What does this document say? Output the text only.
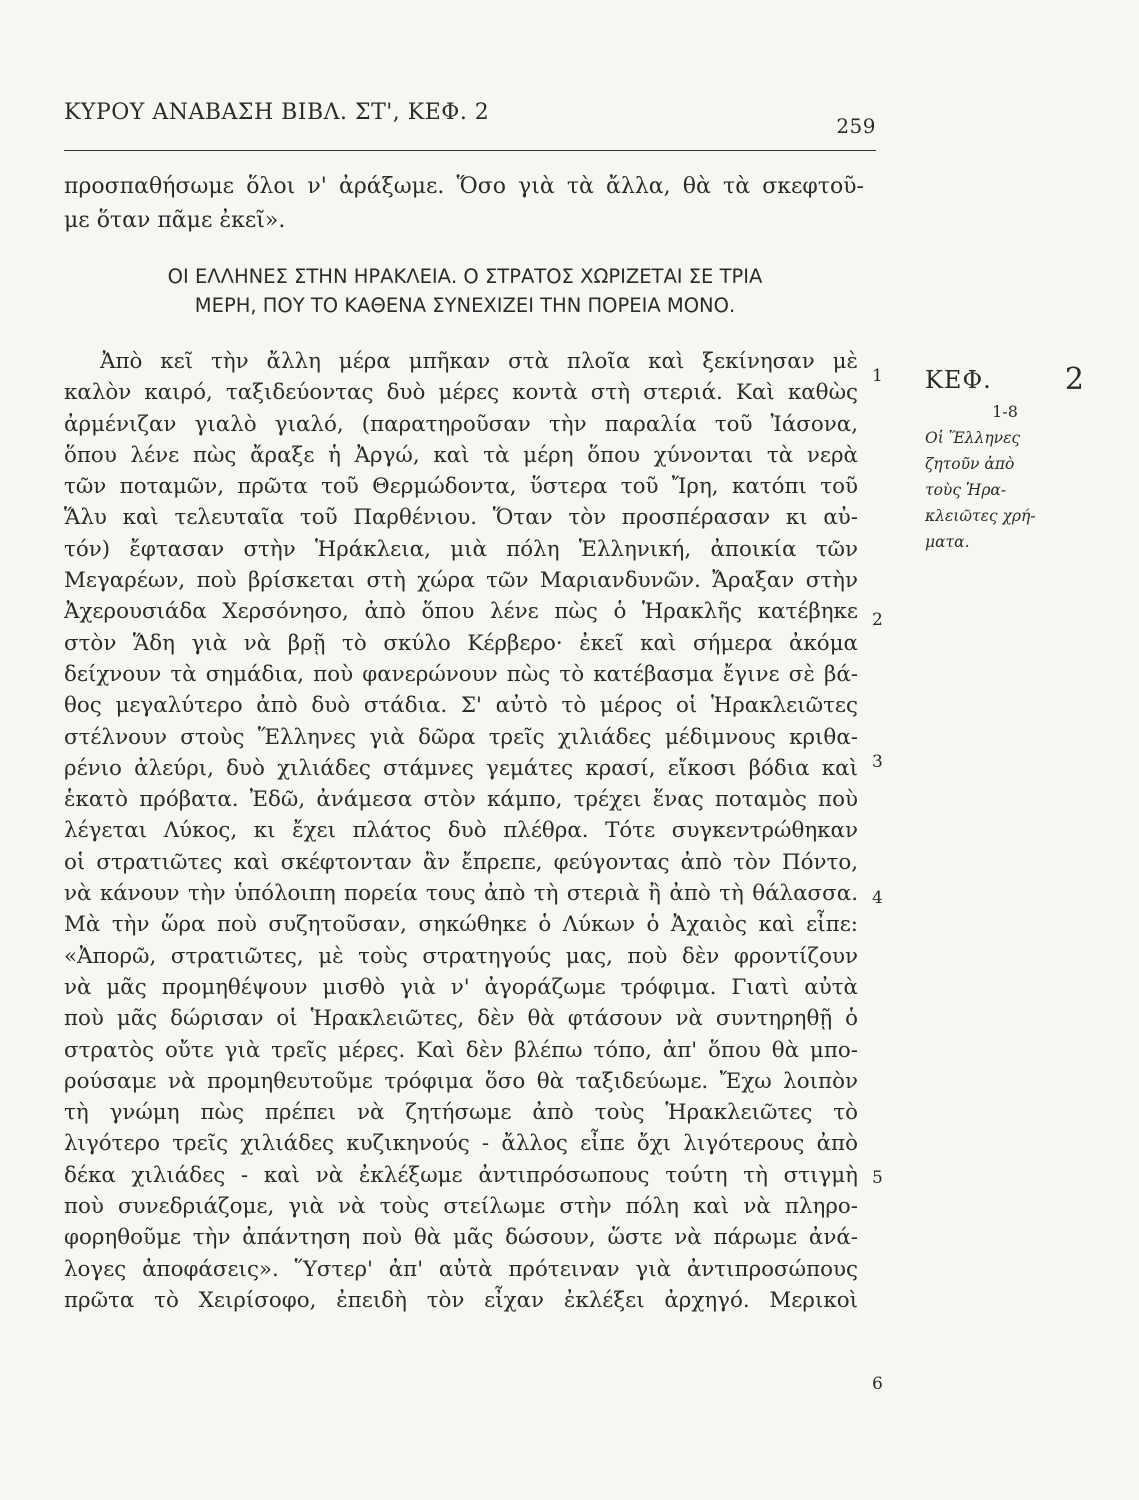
ΚΥΡΟΥ ΑΝΑΒΑΣΗ ΒΙΒΛ. ΣΤ', ΚΕΦ. 2
259
προσπαθήσωμε ὅλοι ν' ἀράξωμε. Ὅσο γιὰ τὰ ἄλλα, θὰ τὰ σκεφτοῦ-
με ὅταν πᾶμε ἐκεῖ».
ΟΙ ΕΛΛΗΝΕΣ ΣΤΗΝ ΗΡΑΚΛΕΙΑ. Ο ΣΤΡΑΤΟΣ ΧΩΡΙΖΕΤΑΙ ΣΕ ΤΡΙΑ
ΜΕΡΗ, ΠΟΥ ΤΟ ΚΑΘΕΝΑ ΣΥΝΕΧΙΖΕΙ ΤΗΝ ΠΟΡΕΙΑ ΜΟΝΟ.
Ἀπὸ κεῖ τὴν ἄλλη μέρα μπῆκαν στὰ πλοῖα καὶ ξεκίνησαν μὲ
καλὸν καιρό, ταξιδεύοντας δυὸ μέρες κοντὰ στὴ στεριά. Καὶ καθὼς
ἀρμένιζαν γιαλὸ γιαλό, (παρατηροῦσαν τὴν παραλία τοῦ Ἰάσονα,
ὅπου λένε πὼς ἄραξε ἡ Ἀργώ, καὶ τὰ μέρη ὅπου χύνονται τὰ νερὰ
τῶν ποταμῶν, πρῶτα τοῦ Θερμώδοντα, ὕστερα τοῦ Ἴρη, κατόπι τοῦ
Ἅλυ καὶ τελευταῖα τοῦ Παρθένιου. Ὅταν τὸν προσπέρασαν κι αὐ-
τόν) ἔφτασαν στὴν Ἡράκλεια, μιὰ πόλη Ἑλληνική, ἀποικία τῶν
Μεγαρέων, ποὺ βρίσκεται στὴ χώρα τῶν Μαριανδυνῶν. Ἄραξαν στὴν
Ἀχερουσιάδα Χερσόνησο, ἀπὸ ὅπου λένε πὼς ὁ Ἡρακλῆς κατέβηκε
στὸν Ἅδη γιὰ νὰ βρῇ τὸ σκύλο Κέρβερο· ἐκεῖ καὶ σήμερα ἀκόμα
δείχνουν τὰ σημάδια, ποὺ φανερώνουν πὼς τὸ κατέβασμα ἔγινε σὲ βά-
θος μεγαλύτερο ἀπὸ δυὸ στάδια. Σ' αὐτὸ τὸ μέρος οἱ Ἡρακλειῶτες
στέλνουν στοὺς Ἕλληνες γιὰ δῶρα τρεῖς χιλιάδες μέδιμνους κριθα-
ρένιο ἀλεύρι, δυὸ χιλιάδες στάμνες γεμάτες κρασί, εἴκοσι βόδια καὶ
ἑκατὸ πρόβατα. Ἐδῶ, ἀνάμεσα στὸν κάμπο, τρέχει ἕνας ποταμὸς ποὺ
λέγεται Λύκος, κι ἔχει πλάτος δυὸ πλέθρα. Τότε συγκεντρώθηκαν
οἱ στρατιῶτες καὶ σκέφτονταν ἂν ἔπρεπε, φεύγοντας ἀπὸ τὸν Πόντο,
νὰ κάνουν τὴν ὑπόλοιπη πορεία τους ἀπὸ τὴ στεριὰ ἢ ἀπὸ τὴ θάλασσα.
Μὰ τὴν ὥρα ποὺ συζητοῦσαν, σηκώθηκε ὁ Λύκων ὁ Ἀχαιὸς καὶ εἶπε:
«Ἀπορῶ, στρατιῶτες, μὲ τοὺς στρατηγούς μας, ποὺ δὲν φροντίζουν
νὰ μᾶς προμηθέψουν μισθὸ γιὰ ν' ἀγοράζωμε τρόφιμα. Γιατὶ αὐτὰ
ποὺ μᾶς δώρισαν οἱ Ἡρακλειῶτες, δὲν θὰ φτάσουν νὰ συντηρηθῇ ὁ
στρατὸς οὔτε γιὰ τρεῖς μέρες. Καὶ δὲν βλέπω τόπο, ἀπ' ὅπου θὰ μπο-
ρούσαμε νὰ προμηθευτοῦμε τρόφιμα ὅσο θὰ ταξιδεύωμε. Ἔχω λοιπὸν
τὴ γνώμη πὼς πρέπει νὰ ζητήσωμε ἀπὸ τοὺς Ἡρακλειῶτες τὸ
λιγότερο τρεῖς χιλιάδες κυζικηνούς - ἄλλος εἶπε ὄχι λιγότερους ἀπὸ
δέκα χιλιάδες - καὶ νὰ ἐκλέξωμε ἀντιπρόσωπους τούτη τὴ στιγμὴ
ποὺ συνεδριάζομε, γιὰ νὰ τοὺς στείλωμε στὴν πόλη καὶ νὰ πληρο-
φορηθοῦμε τὴν ἀπάντηση ποὺ θὰ μᾶς δώσουν, ὥστε νὰ πάρωμε ἀνά-
λογες ἀποφάσεις». Ὕστερ' ἀπ' αὐτὰ πρότειναν γιὰ ἀντιπροσώπους
πρῶτα τὸ Χειρίσοφο, ἐπειδὴ τὸν εἶχαν ἐκλέξει ἀρχηγό. Μερικοὶ
1
2
3
4
5
6
ΚΕΦ. 2
1-8
Οἱ Ἕλληνες
ζητοῦν ἀπὸ
τοὺς Ἡρα-
κλειῶτες χρή-
ματα.
